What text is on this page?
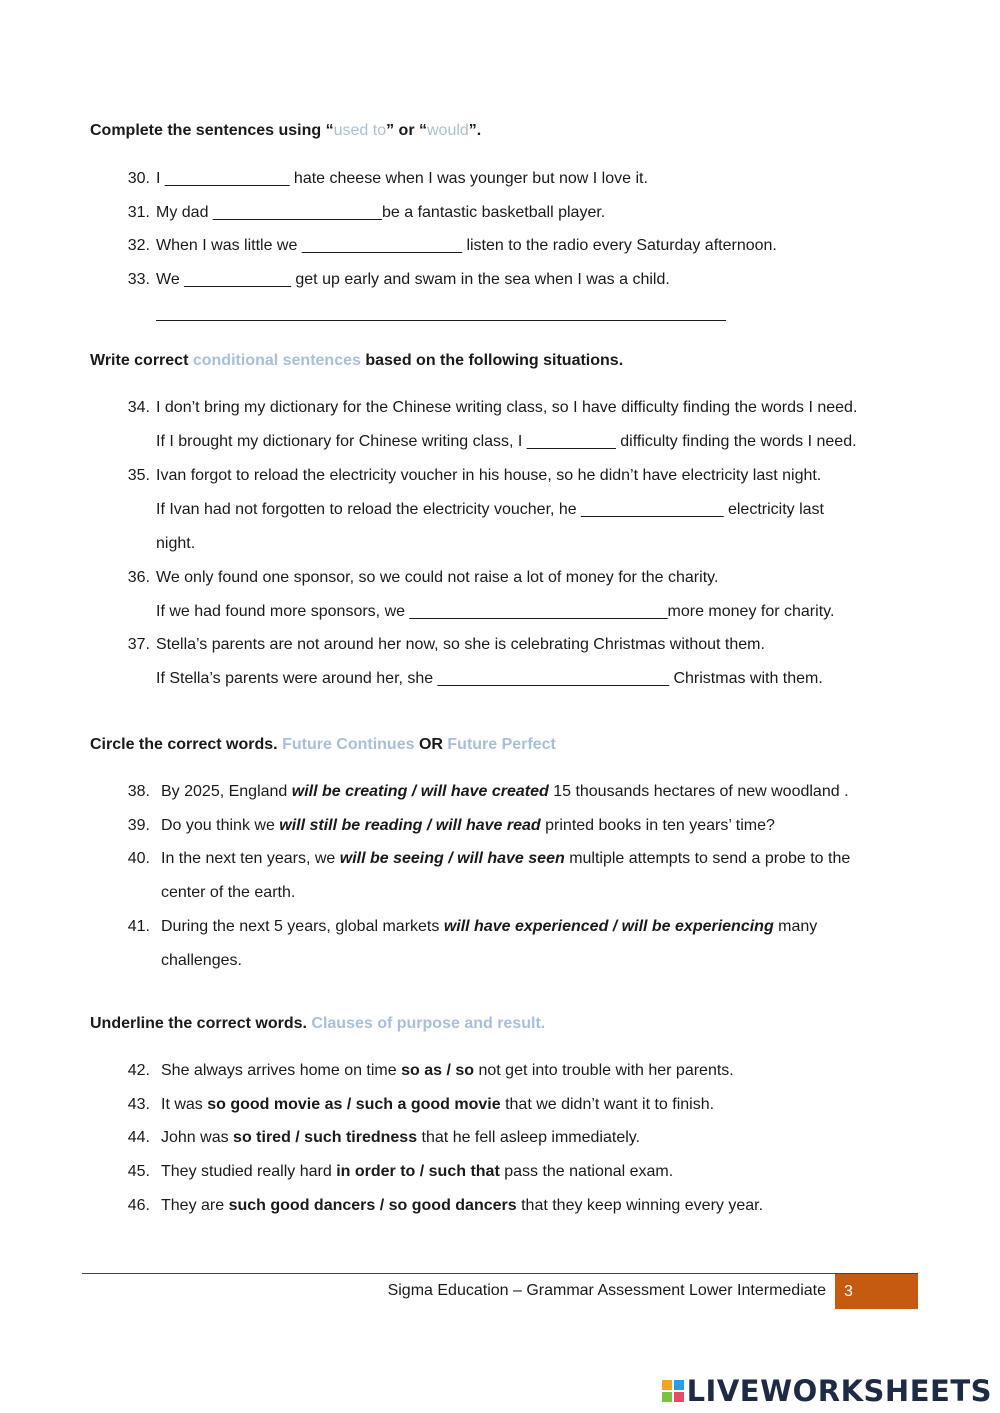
Complete the sentences using “used to” or “would”.
30. I ______________ hate cheese when I was younger but now I love it.
31. My dad ___________________be a fantastic basketball player.
32. When I was little we __________________ listen to the radio every Saturday afternoon.
33. We ____________ get up early and swam in the sea when I was a child.
Write correct conditional sentences based on the following situations.
34. I don’t bring my dictionary for the Chinese writing class, so I have difficulty finding the words I need.
If I brought my dictionary for Chinese writing class, I __________ difficulty finding the words I need.
35. Ivan forgot to reload the electricity voucher in his house, so he didn’t have electricity last night.
If Ivan had not forgotten to reload the electricity voucher, he ________________ electricity last
night.
36. We only found one sponsor, so we could not raise a lot of money for the charity.
If we had found more sponsors, we _____________________________more money for charity.
37. Stella’s parents are not around her now, so she is celebrating Christmas without them.
If Stella’s parents were around her, she __________________________ Christmas with them.
Circle the correct words. Future Continues OR Future Perfect
38. By 2025, England will be creating / will have created 15 thousands hectares of new woodland .
39. Do you think we will still be reading / will have read printed books in ten years’ time?
40. In the next ten years, we will be seeing / will have seen multiple attempts to send a probe to the
center of the earth.
41. During the next 5 years, global markets will have experienced / will be experiencing many
challenges.
Underline the correct words. Clauses of purpose and result.
42. She always arrives home on time so as / so not get into trouble with her parents.
43. It was so good movie as / such a good movie that we didn’t want it to finish.
44. John was so tired / such tiredness that he fell asleep immediately.
45. They studied really hard in order to / such that pass the national exam.
46. They are such good dancers / so good dancers that they keep winning every year.
Sigma Education – Grammar Assessment Lower Intermediate 3
LIVEWORKSHEETS
